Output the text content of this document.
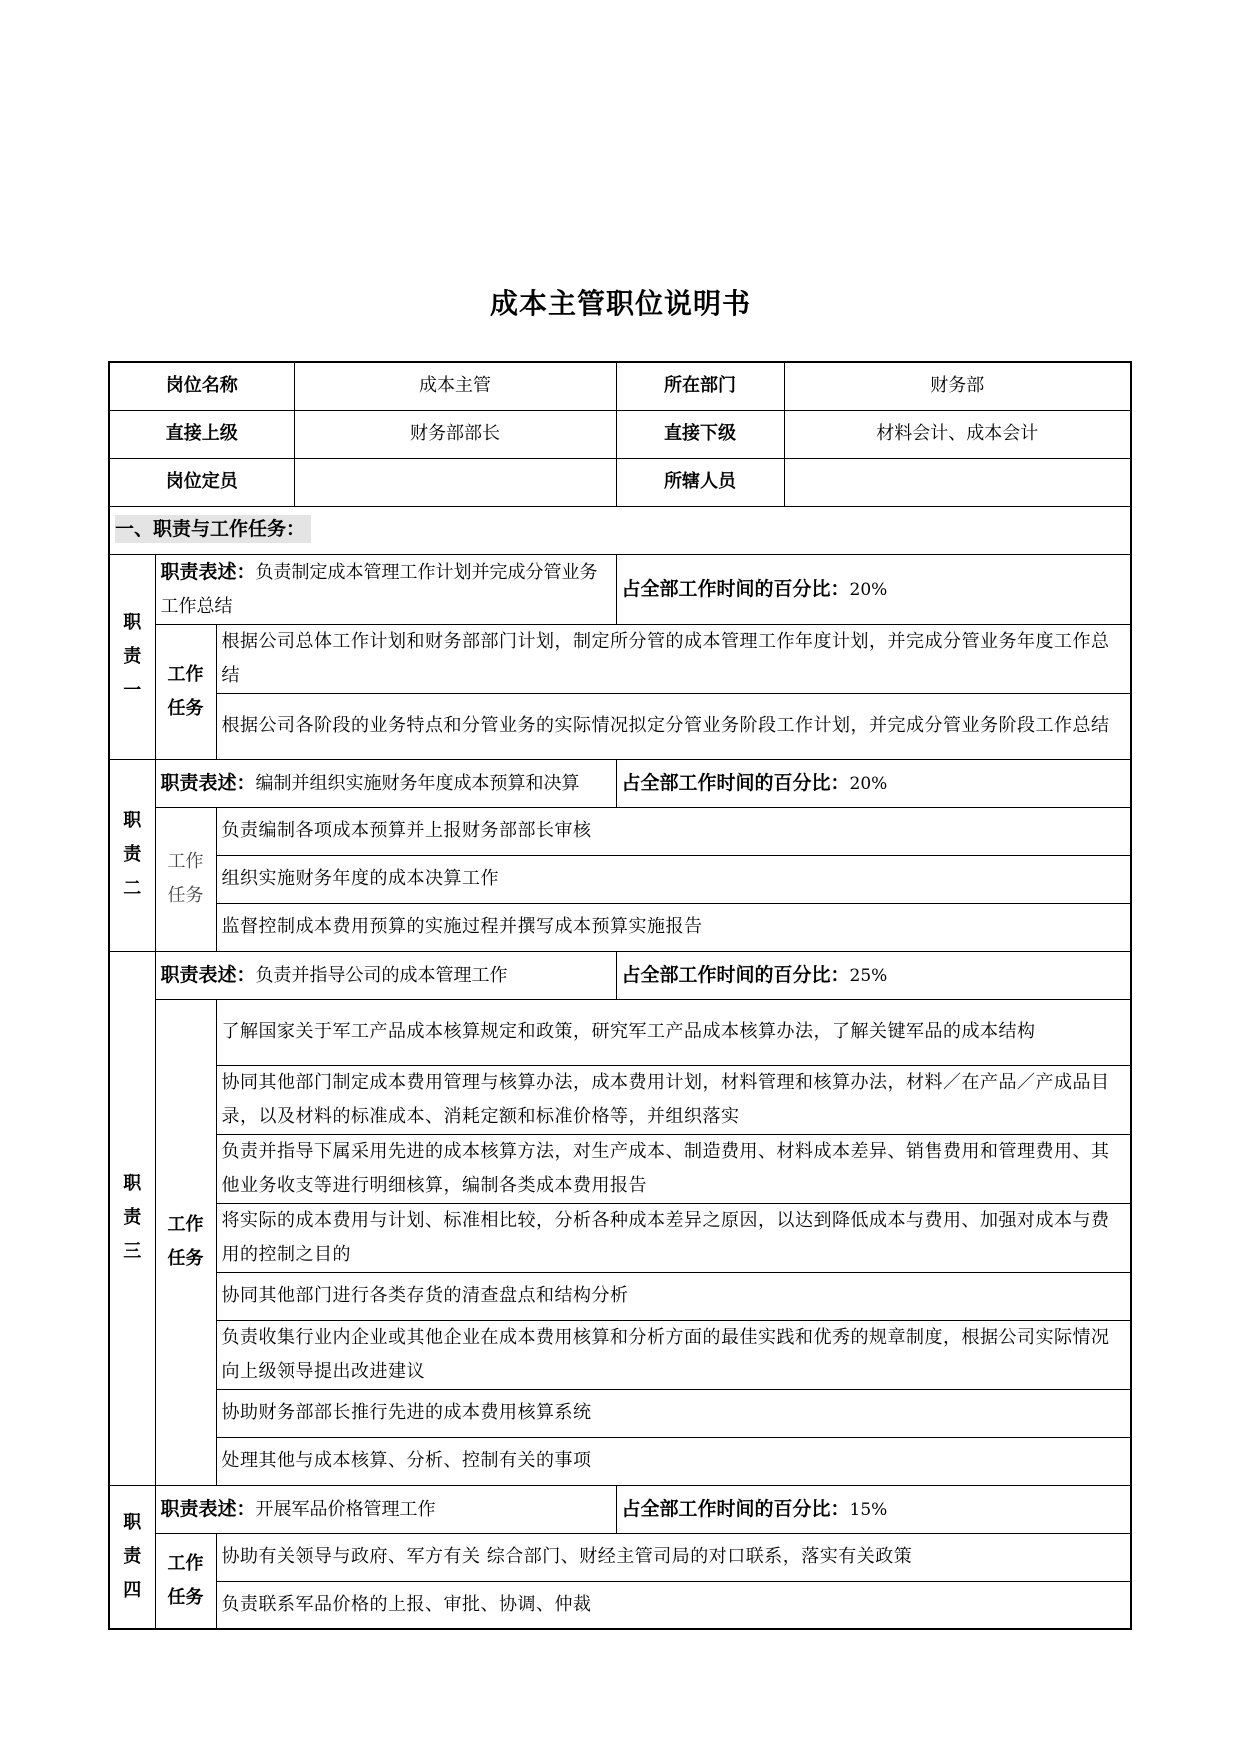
成本主管职位说明书
岗位名称			成本主管	所在部门	财务部
直接上级			财务部部长	直接下级	材料会计、成本会计
岗位定员				所辖人员	
一、职责与工作任务：					

职
责
一	职责表述：负责制定成本管理工作计划并完成分管业务工作总结			占全部工作时间的百分比：20%	

	工作
任务	根据公司总体工作计划和财务部部门计划，制定所分管的成本管理工作年度计划，并完成分管业务年度工作总结			
		根据公司各阶段的业务特点和分管业务的实际情况拟定分管业务阶段工作计划，并完成分管业务阶段工作总结			

职
责
二	职责表述：编制并组织实施财务年度成本预算和决算			占全部工作时间的百分比：20%	

	工作
任务	负责编制各项成本预算并上报财务部部长审核			
		组织实施财务年度的成本决算工作			
		监督控制成本费用预算的实施过程并撰写成本预算实施报告			

职
责
三	职责表述：负责并指导公司的成本管理工作			占全部工作时间的百分比：25%	

	工作
任务	了解国家关于军工产品成本核算规定和政策，研究军工产品成本核算办法，了解关键军品的成本结构			
		协同其他部门制定成本费用管理与核算办法，成本费用计划，材料管理和核算办法，材料／在产品／产成品目录，以及材料的标准成本、消耗定额和标准价格等，并组织落实			
		负责并指导下属采用先进的成本核算方法，对生产成本、制造费用、材料成本差异、销售费用和管理费用、其他业务收支等进行明细核算，编制各类成本费用报告			
		将实际的成本费用与计划、标准相比较，分析各种成本差异之原因，以达到降低成本与费用、加强对成本与费用的控制之目的			
		协同其他部门进行各类存货的清查盘点和结构分析			
		负责收集行业内企业或其他企业在成本费用核算和分析方面的最佳实践和优秀的规章制度，根据公司实际情况向上级领导提出改进建议			
		协助财务部部长推行先进的成本费用核算系统			
		处理其他与成本核算、分析、控制有关的事项			

职
责
四	职责表述：开展军品价格管理工作			占全部工作时间的百分比：15%	

	工作
任务	协助有关领导与政府、军方有关 综合部门、财经主管司局的对口联系，落实有关政策			
		负责联系军品价格的上报、审批、协调、仲裁			
